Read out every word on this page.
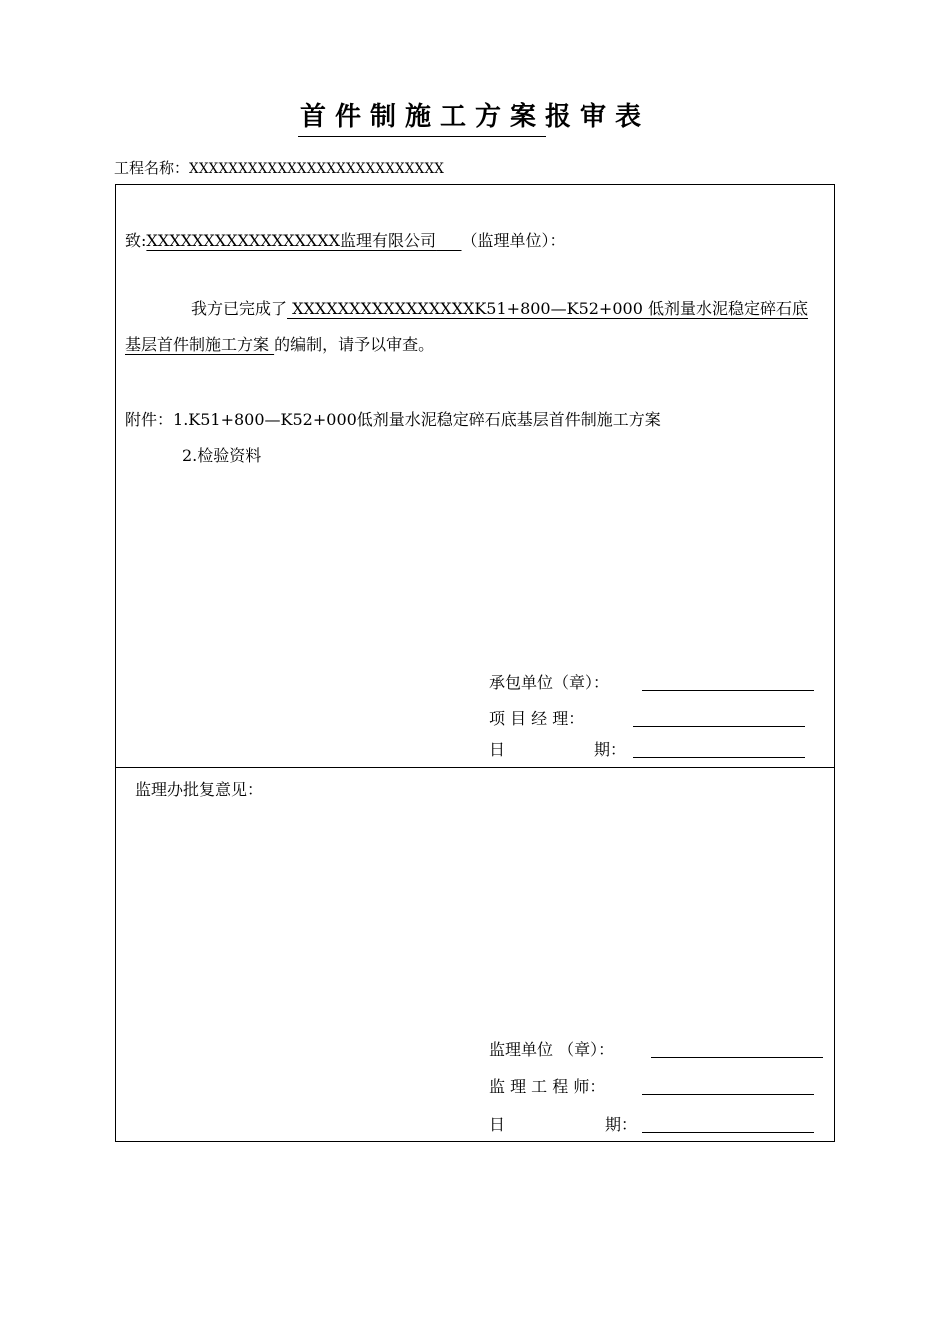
首件制施工方案报审表
工程名称：XXXXXXXXXXXXXXXXXXXXXXXXXX
致:XXXXXXXXXXXXXXXXX监理有限公司 （监理单位）：
我方已完成了 XXXXXXXXXXXXXXXXK51+800—K52+000 低剂量水泥稳定碎石底
基层首件制施工方案 的编制，请予以审查。
附件：1.K51+800—K52+000低剂量水泥稳定碎石底基层首件制施工方案
2.检验资料
承包单位（章）：
项 目 经 理：
日	期：
监理办批复意见：
监理单位 （章）：
监 理 工 程 师：
日	期：
